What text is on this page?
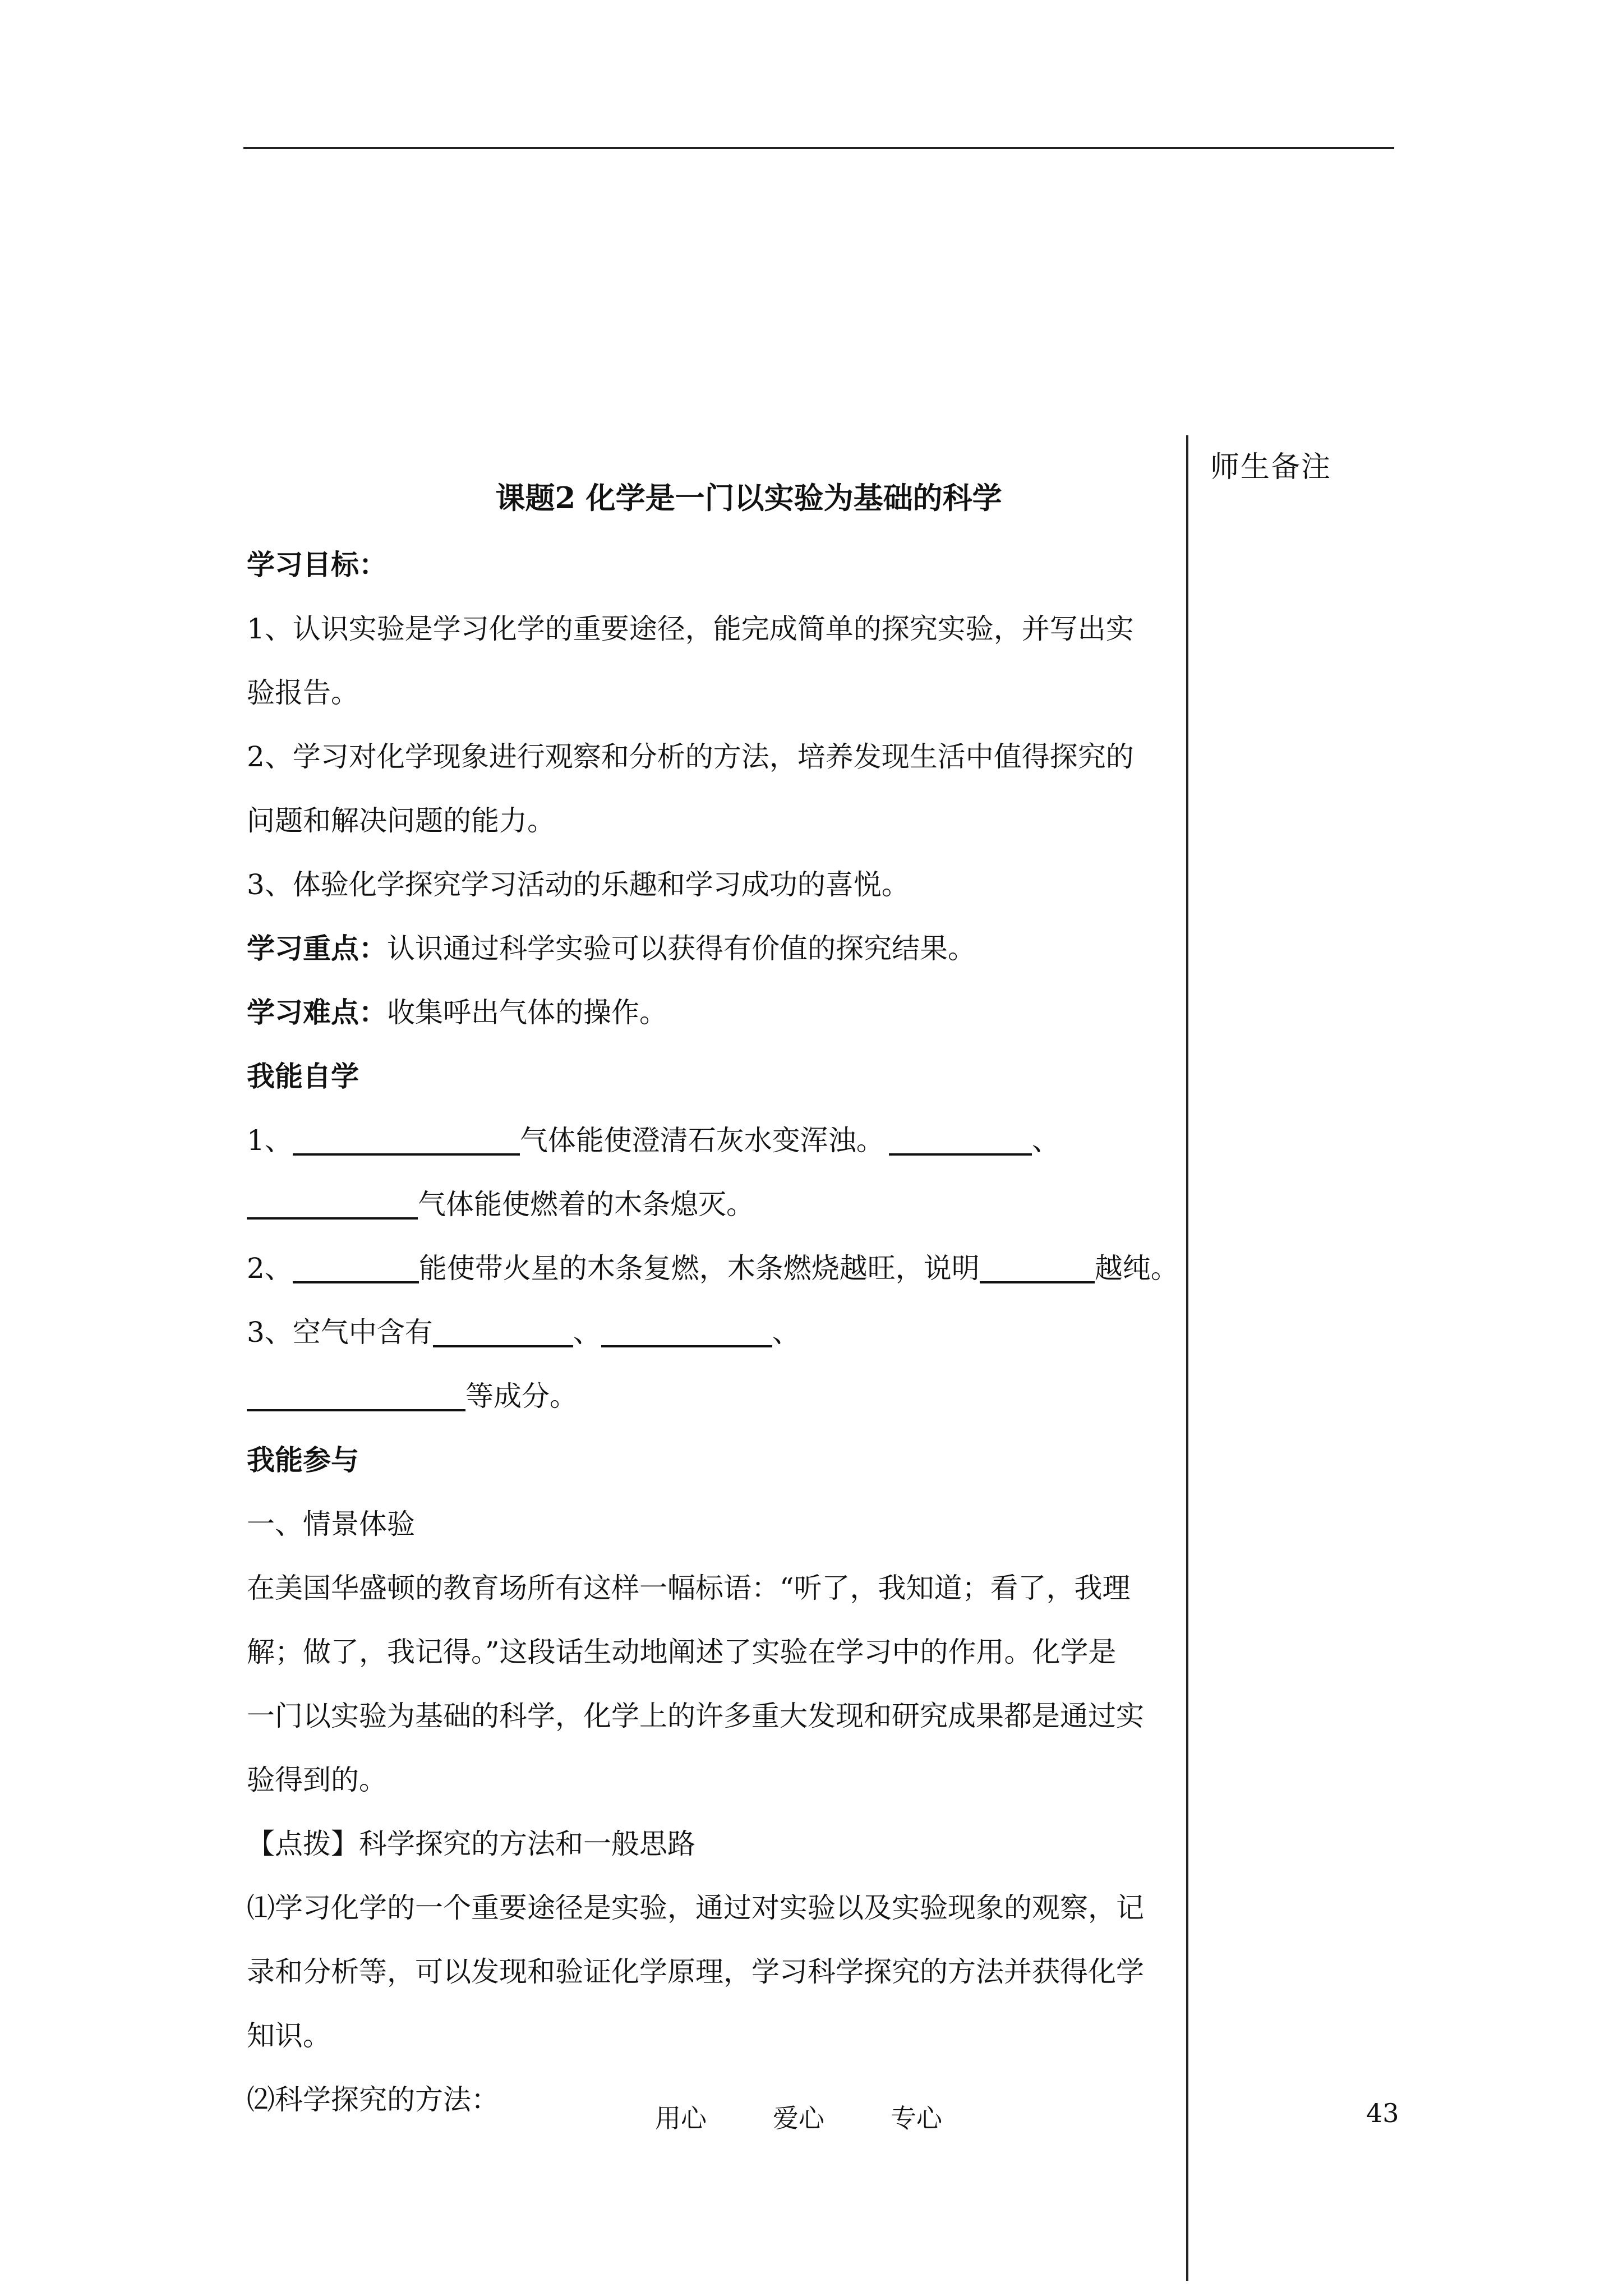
师生备注
课题2 化学是一门以实验为基础的科学
学习目标：
1、认识实验是学习化学的重要途径，能完成简单的探究实验，并写出实
验报告。
2、学习对化学现象进行观察和分析的方法，培养发现生活中值得探究的
问题和解决问题的能力。
3、体验化学探究学习活动的乐趣和学习成功的喜悦。
学习重点：认识通过科学实验可以获得有价值的探究结果。
学习难点：收集呼出气体的操作。
我能自学
1、	气体能使澄清石灰水变浑浊。	、
气体能使燃着的木条熄灭。
2、	能使带火星的木条复燃，木条燃烧越旺，说明	越纯。
3、空气中含有	、	、
等成分。
我能参与
一、情景体验
在美国华盛顿的教育场所有这样一幅标语：“听了，我知道；看了，我理
解；做了，我记得。”这段话生动地阐述了实验在学习中的作用。化学是
一门以实验为基础的科学，化学上的许多重大发现和研究成果都是通过实
验得到的。
【点拨】科学探究的方法和一般思路
⑴学习化学的一个重要途径是实验，通过对实验以及实验现象的观察，记
录和分析等，可以发现和验证化学原理，学习科学探究的方法并获得化学
知识。
⑵科学探究的方法：
用心	爱心	专心	43
